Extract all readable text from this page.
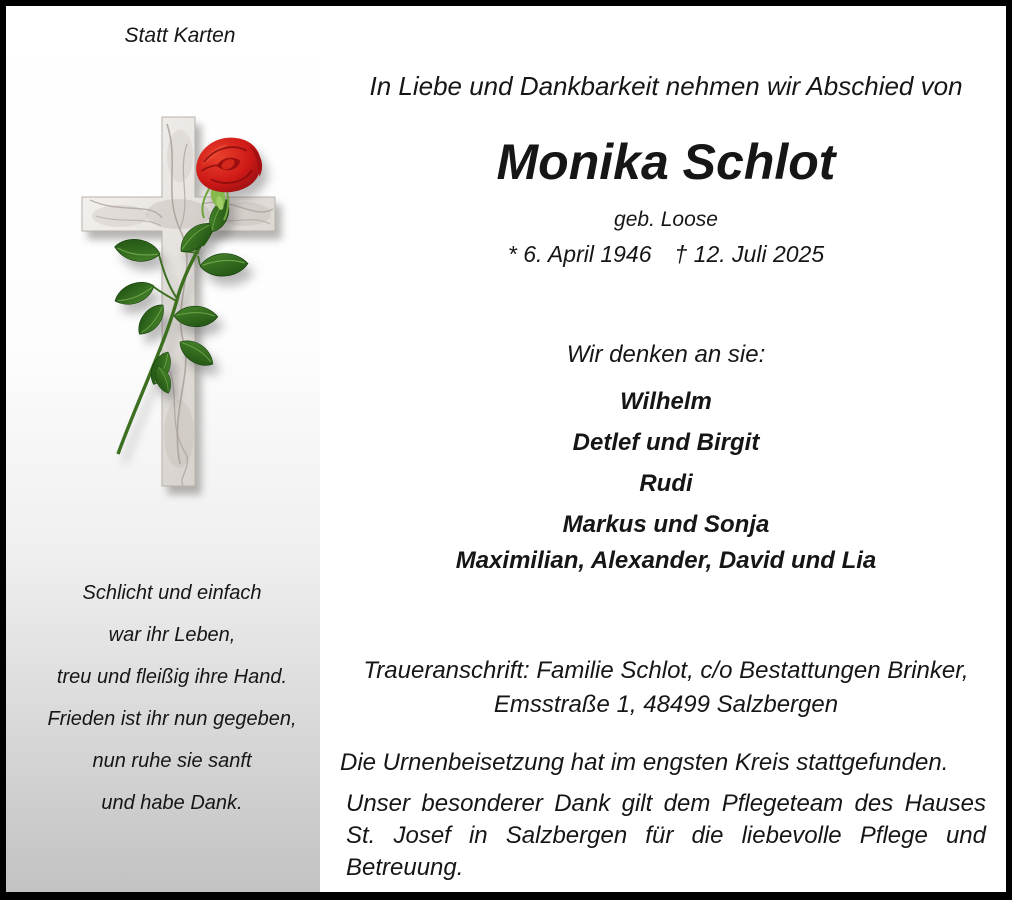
Statt Karten
Schlicht und einfach
war ihr Leben,
treu und fleißig ihre Hand.
Frieden ist ihr nun gegeben,
nun ruhe sie sanft
und habe Dank.
In Liebe und Dankbarkeit nehmen wir Abschied von
Monika Schlot
geb. Loose
* 6. April 1946  † 12. Juli 2025
Wir denken an sie:
Wilhelm
Detlef und Birgit
Rudi
Markus und Sonja
Maximilian, Alexander, David und Lia
Traueranschrift: Familie Schlot, c/o Bestattungen Brinker,
Emsstraße 1, 48499 Salzbergen
Die Urnenbeisetzung hat im engsten Kreis stattgefunden.
Unser besonderer Dank gilt dem Pflegeteam des Hauses
St. Josef in Salzbergen für die liebevolle Pflege und
Betreuung.
